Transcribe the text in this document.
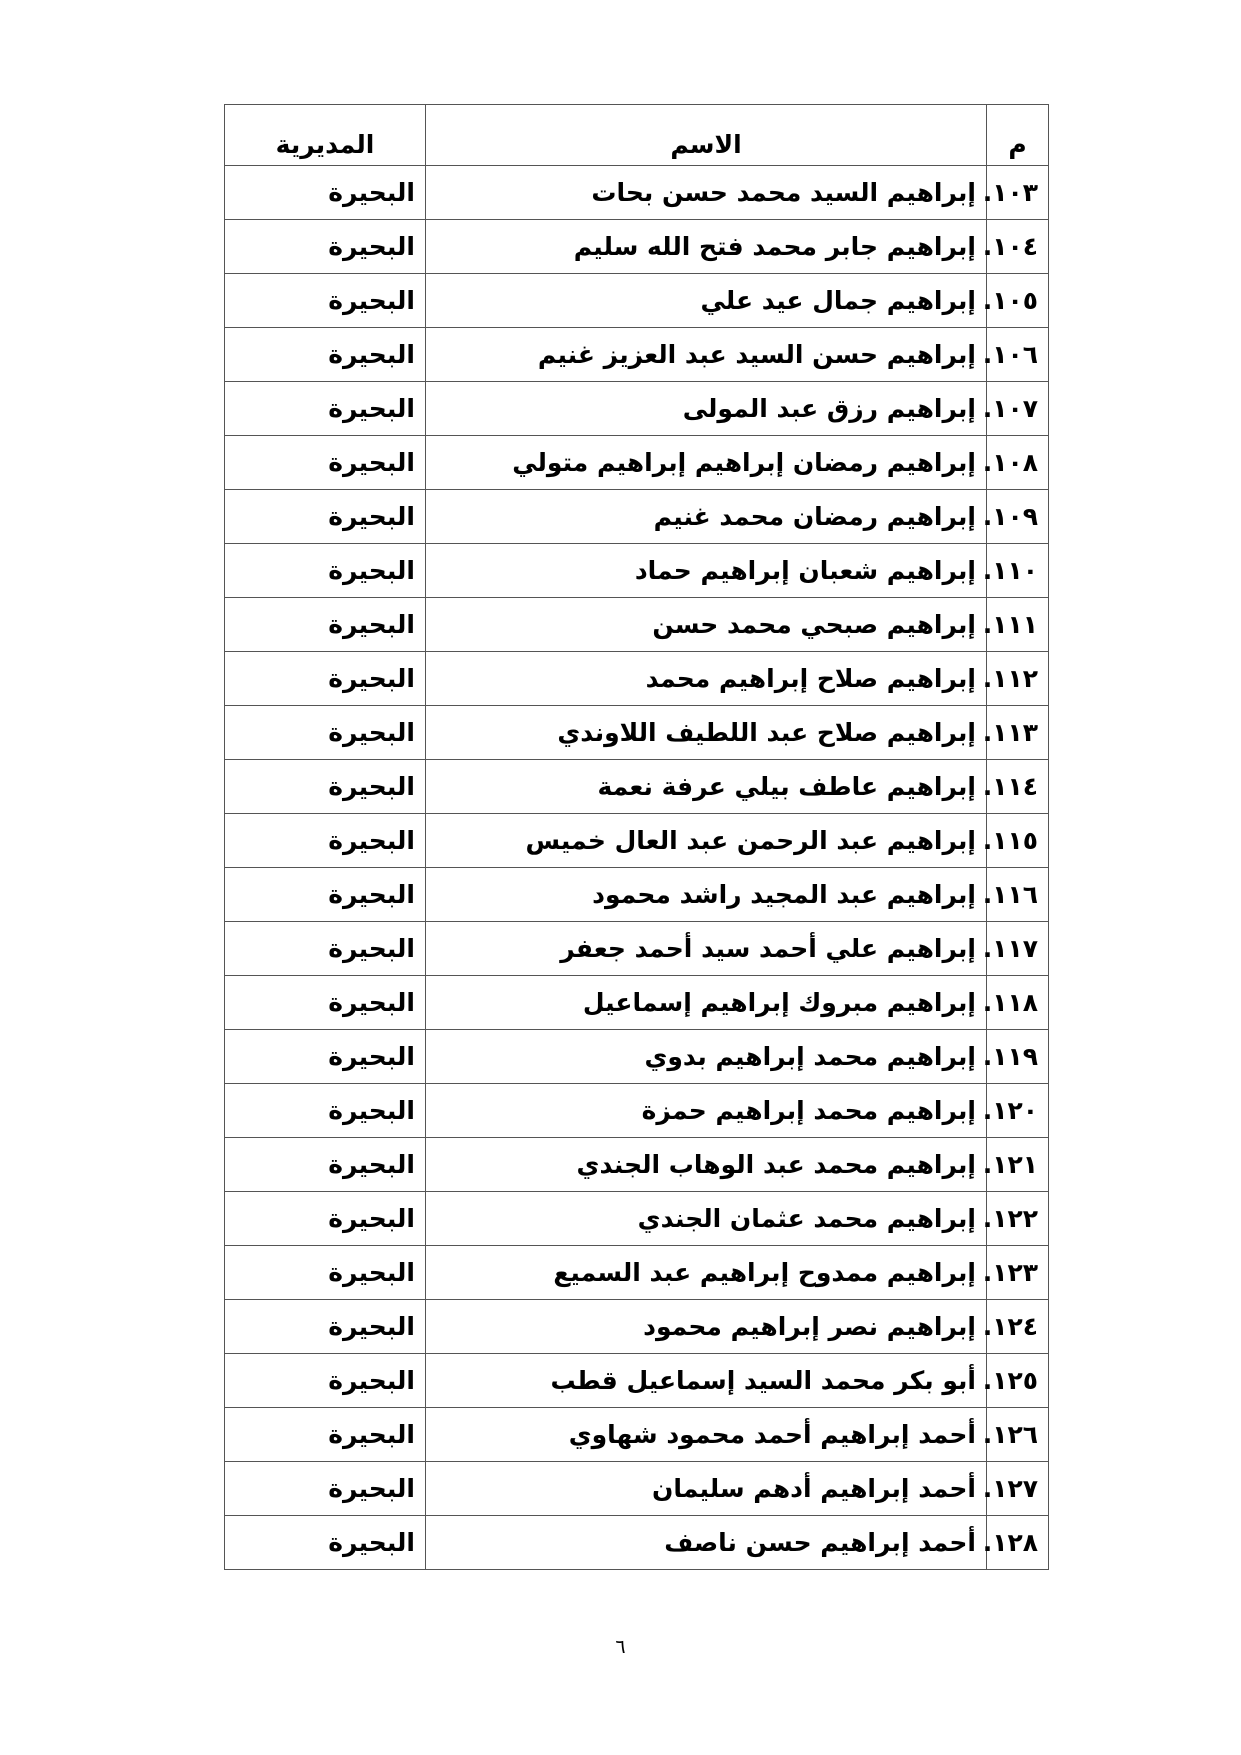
م	الاسم	المديرية
١٠٣.	إبراهيم السيد محمد حسن بحات	البحيرة
١٠٤.	إبراهيم جابر محمد فتح الله سليم	البحيرة
١٠٥.	إبراهيم جمال عيد علي	البحيرة
١٠٦.	إبراهيم حسن السيد عبد العزيز غنيم	البحيرة
١٠٧.	إبراهيم رزق عبد المولى	البحيرة
١٠٨.	إبراهيم رمضان إبراهيم إبراهيم متولي	البحيرة
١٠٩.	إبراهيم رمضان محمد غنيم	البحيرة
١١٠.	إبراهيم شعبان إبراهيم حماد	البحيرة
١١١.	إبراهيم صبحي محمد حسن	البحيرة
١١٢.	إبراهيم صلاح إبراهيم محمد	البحيرة
١١٣.	إبراهيم صلاح عبد اللطيف اللاوندي	البحيرة
١١٤.	إبراهيم عاطف بيلي عرفة نعمة	البحيرة
١١٥.	إبراهيم عبد الرحمن عبد العال خميس	البحيرة
١١٦.	إبراهيم عبد المجيد راشد محمود	البحيرة
١١٧.	إبراهيم علي أحمد سيد أحمد جعفر	البحيرة
١١٨.	إبراهيم مبروك إبراهيم إسماعيل	البحيرة
١١٩.	إبراهيم محمد إبراهيم بدوي	البحيرة
١٢٠.	إبراهيم محمد إبراهيم حمزة	البحيرة
١٢١.	إبراهيم محمد عبد الوهاب الجندي	البحيرة
١٢٢.	إبراهيم محمد عثمان الجندي	البحيرة
١٢٣.	إبراهيم ممدوح إبراهيم عبد السميع	البحيرة
١٢٤.	إبراهيم نصر إبراهيم محمود	البحيرة
١٢٥.	أبو بكر محمد السيد إسماعيل قطب	البحيرة
١٢٦.	أحمد إبراهيم أحمد محمود شهاوي	البحيرة
١٢٧.	أحمد إبراهيم أدهم سليمان	البحيرة
١٢٨.	أحمد إبراهيم حسن ناصف	البحيرة
٦
